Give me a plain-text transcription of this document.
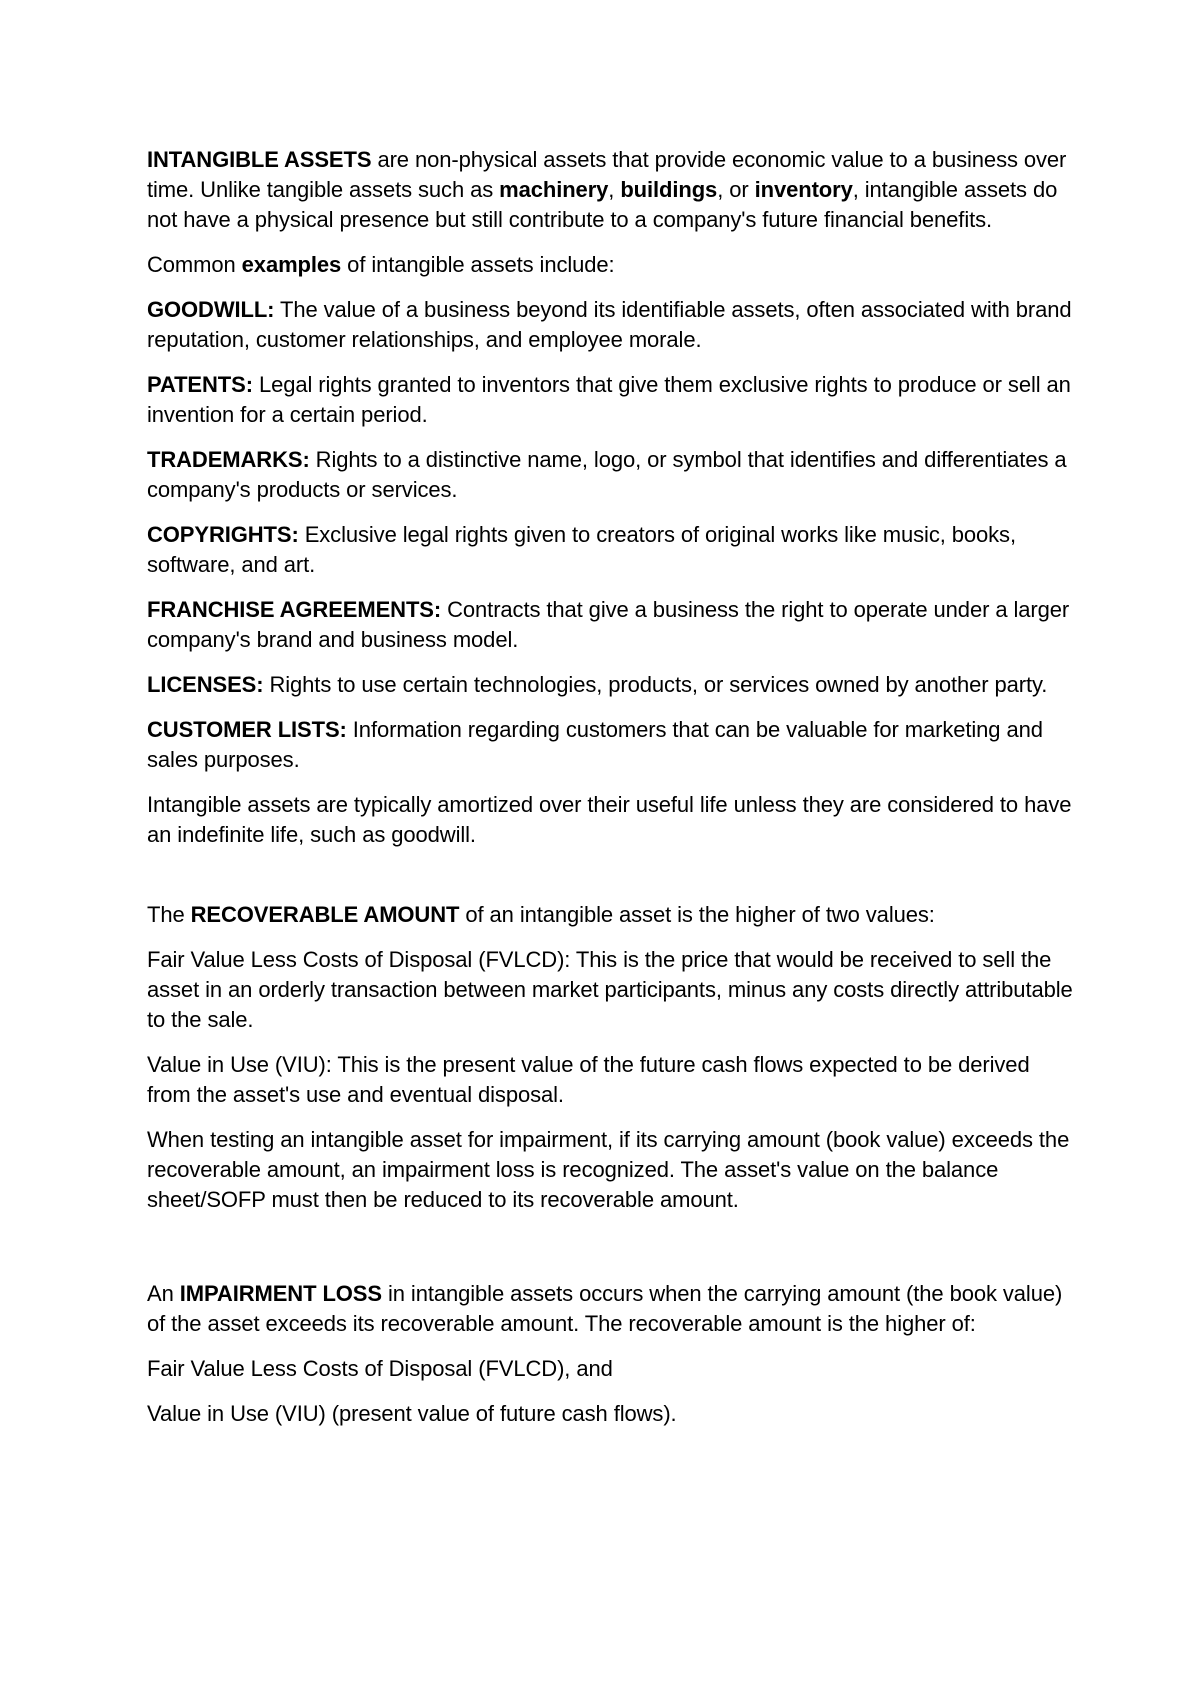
INTANGIBLE ASSETS are non-physical assets that provide economic value to a business over time. Unlike tangible assets such as machinery, buildings, or inventory, intangible assets do not have a physical presence but still contribute to a company's future financial benefits.

Common examples of intangible assets include:

GOODWILL: The value of a business beyond its identifiable assets, often associated with brand reputation, customer relationships, and employee morale.

PATENTS: Legal rights granted to inventors that give them exclusive rights to produce or sell an invention for a certain period.

TRADEMARKS: Rights to a distinctive name, logo, or symbol that identifies and differentiates a company's products or services.

COPYRIGHTS: Exclusive legal rights given to creators of original works like music, books, software, and art.

FRANCHISE AGREEMENTS: Contracts that give a business the right to operate under a larger company's brand and business model.

LICENSES: Rights to use certain technologies, products, or services owned by another party.

CUSTOMER LISTS: Information regarding customers that can be valuable for marketing and sales purposes.

Intangible assets are typically amortized over their useful life unless they are considered to have an indefinite life, such as goodwill.

The RECOVERABLE AMOUNT of an intangible asset is the higher of two values:

Fair Value Less Costs of Disposal (FVLCD): This is the price that would be received to sell the asset in an orderly transaction between market participants, minus any costs directly attributable to the sale.

Value in Use (VIU): This is the present value of the future cash flows expected to be derived from the asset's use and eventual disposal.

When testing an intangible asset for impairment, if its carrying amount (book value) exceeds the recoverable amount, an impairment loss is recognized. The asset's value on the balance sheet/SOFP must then be reduced to its recoverable amount.

An IMPAIRMENT LOSS in intangible assets occurs when the carrying amount (the book value) of the asset exceeds its recoverable amount. The recoverable amount is the higher of:

Fair Value Less Costs of Disposal (FVLCD), and

Value in Use (VIU) (present value of future cash flows).
